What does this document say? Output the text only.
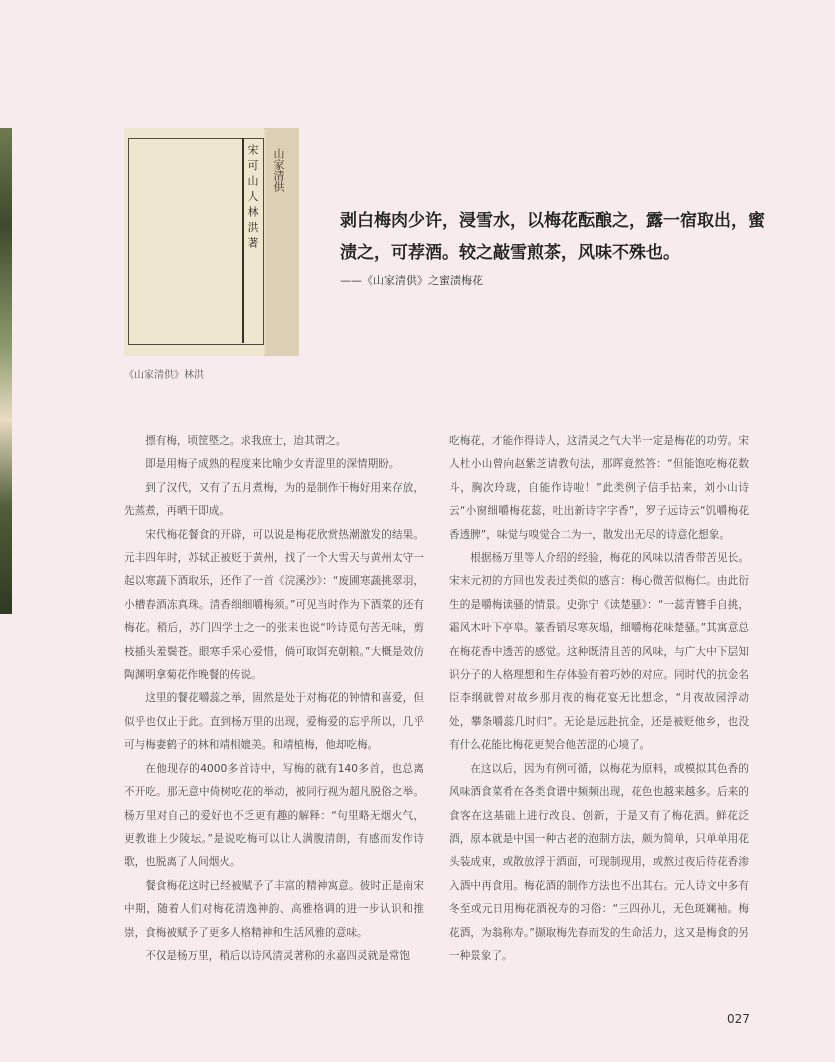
山家清供
宋 可 山 人 林 洪 著
《山家清供》林洪
剥白梅肉少许，浸雪水，以梅花酝酿之，露一宿取出，蜜渍之，可荐酒。较之敲雪煎茶，风味不殊也。
——《山家清供》之蜜渍梅花

摽有梅，顷筐塈之。求我庶士，迨其谓之。

即是用梅子成熟的程度来比喻少女青涩里的深情期盼。

到了汉代，又有了五月煮梅，为的是制作干梅好用来存放，先蒸煮，再晒干即成。

宋代梅花餐食的开辟，可以说是梅花欣赏热潮激发的结果。元丰四年时，苏轼正被贬于黄州，找了一个大雪天与黄州太守一起以寒蔬下酒取乐，还作了一首《浣溪沙》：“废圃寒蔬挑翠羽，小槽春酒冻真珠。清香细细嚼梅须。”可见当时作为下酒菜的还有梅花。稍后，苏门四学士之一的张耒也说“吟诗觅句苦无味，剪枝插头羞鬓苍。眼寒手采心爱惜，倘可取饵充朝粮。”大概是效仿陶渊明拿菊花作晚餐的传说。

这里的餐花嚼蕊之举，固然是处于对梅花的钟情和喜爱，但似乎也仅止于此。直到杨万里的出现，爱梅爱的忘乎所以，几乎可与梅妻鹤子的林和靖相媲美。和靖植梅，他却吃梅。

在他现存的4000多首诗中，写梅的就有140多首，也总离不开吃。那无意中倚树吃花的举动，被同行视为超凡脱俗之举。杨万里对自己的爱好也不乏更有趣的解释：“句里略无烟火气，更教谁上少陵坛。”是说吃梅可以让人满腹清朗，有感而发作诗歌，也脱离了人间烟火。

餐食梅花这时已经被赋予了丰富的精神寓意。彼时正是南宋中期，随着人们对梅花清逸神韵、高雅格调的进一步认识和推崇，食梅被赋予了更多人格精神和生活风雅的意味。

不仅是杨万里，稍后以诗风清灵著称的永嘉四灵就是常饱

吃梅花，才能作得诗人，这清灵之气大半一定是梅花的功劳。宋人杜小山曾向赵紫芝请教句法，那晖竟然答：“但能饱吃梅花数斗，胸次玲珑，自能作诗啦！”此类例子信手拈来，刘小山诗云“小窗细嚼梅花蕊，吐出新诗字字香”，罗子远诗云“饥嚼梅花香透脾”，味觉与嗅觉合二为一，散发出无尽的诗意化想象。

根据杨万里等人介绍的经验，梅花的风味以清香带苦见长。宋末元初的方回也发表过类似的感言：梅心微苦似梅仁。由此衍生的是嚼梅读骚的情景。史弥宁《读楚骚》：“一蕊青簪手自挑，霜风木叶下亭皋。篆香销尽寒灰塌，细嚼梅花味楚骚。”其寓意总在梅花香中透苦的感觉。这种既清且苦的风味，与广大中下层知识分子的人格理想和生存体验有着巧妙的对应。同时代的抗金名臣李纲就曾对故乡那月夜的梅花宴无比想念，“月夜故园浮动处，攀条嚼蕊几时归”。无论是远赴抗金，还是被贬他乡，也没有什么花能比梅花更契合他苦涩的心境了。

在这以后，因为有例可循，以梅花为原料，或模拟其色香的风味酒食菜肴在各类食谱中频频出现，花色也越来越多。后来的食客在这基础上进行改良、创新，于是又有了梅花酒。鲜花泛酒，原本就是中国一种古老的泡制方法，颇为简单，只单单用花头装成束，或散放浮于酒面，可现制现用，或熬过夜后待花香渗入酒中再食用。梅花酒的制作方法也不出其右。元人诗文中多有冬至或元日用梅花酒祝寿的习俗：“三四孙儿，无色斑斓袖。梅花酒，为翁称寿。”撷取梅先春而发的生命活力，这又是梅食的另一种景象了。

027
